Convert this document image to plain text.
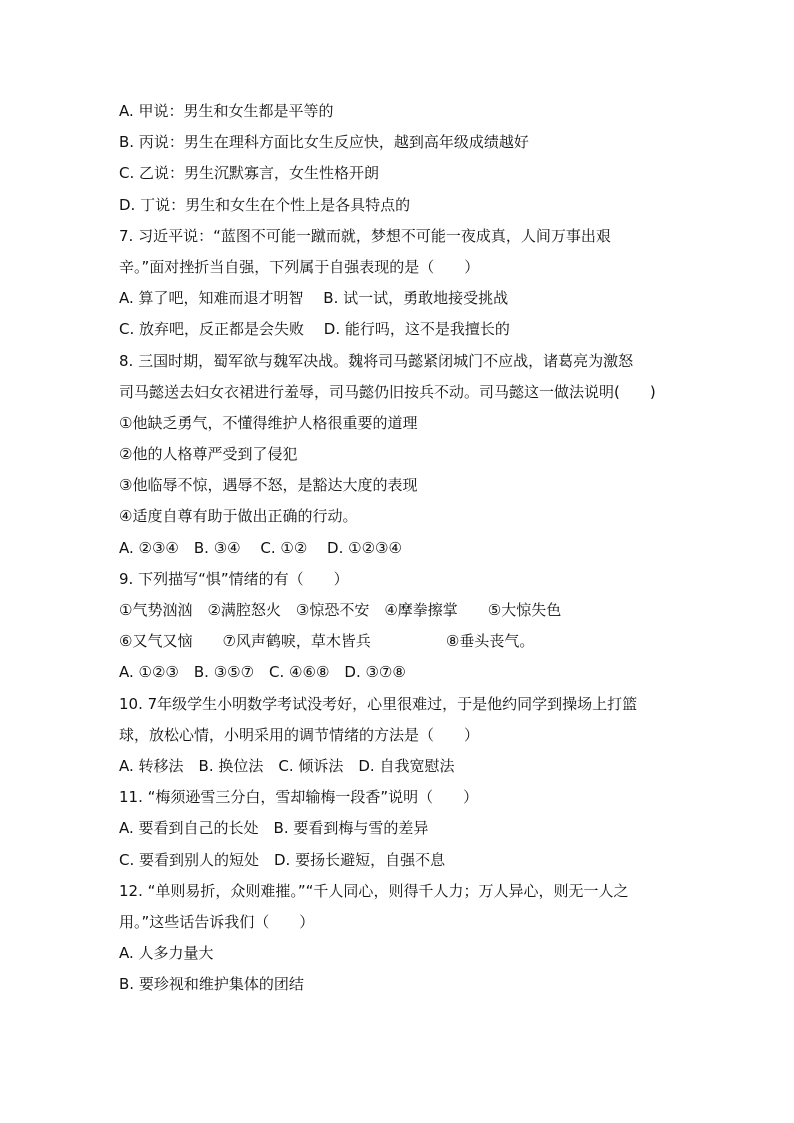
A. 甲说：男生和女生都是平等的
B. 丙说：男生在理科方面比女生反应快，越到高年级成绩越好
C. 乙说：男生沉默寡言，女生性格开朗
D. 丁说：男生和女生在个性上是各具特点的
7. 习近平说：“蓝图不可能一蹴而就，梦想不可能一夜成真，人间万事出艰
辛。”面对挫折当自强，下列属于自强表现的是（　　）
A. 算了吧，知难而退才明智　 B. 试一试，勇敢地接受挑战
C. 放弃吧，反正都是会失败　 D. 能行吗，这不是我擅长的
8. 三国时期，蜀军欲与魏军决战。魏将司马懿紧闭城门不应战，诸葛亮为激怒
司马懿送去妇女衣裙进行羞辱，司马懿仍旧按兵不动。司马懿这一做法说明(　　)
①他缺乏勇气，不懂得维护人格很重要的道理
②他的人格尊严受到了侵犯
③他临辱不惊，遇辱不怒，是豁达大度的表现
④适度自尊有助于做出正确的行动。
A. ②③④　B. ③④　 C. ①②　 D. ①②③④
9. 下列描写“惧”情绪的有（　　）
①气势汹汹　②满腔怒火　③惊恐不安　④摩拳擦掌　　⑤大惊失色
⑥又气又恼　　⑦风声鹤唳，草木皆兵　　　　　⑧垂头丧气。
A. ①②③　B. ③⑤⑦　C. ④⑥⑧　D. ③⑦⑧
10. 7年级学生小明数学考试没考好，心里很难过，于是他约同学到操场上打篮
球，放松心情，小明采用的调节情绪的方法是（　　）
A. 转移法　B. 换位法　C. 倾诉法　D. 自我宽慰法
11. “梅须逊雪三分白，雪却输梅一段香”说明（　　）
A. 要看到自己的长处　B. 要看到梅与雪的差异
C. 要看到别人的短处　D. 要扬长避短，自强不息
12. “单则易折，众则难摧。”“千人同心，则得千人力；万人异心，则无一人之
用。”这些话告诉我们（　　）
A. 人多力量大
B. 要珍视和维护集体的团结
